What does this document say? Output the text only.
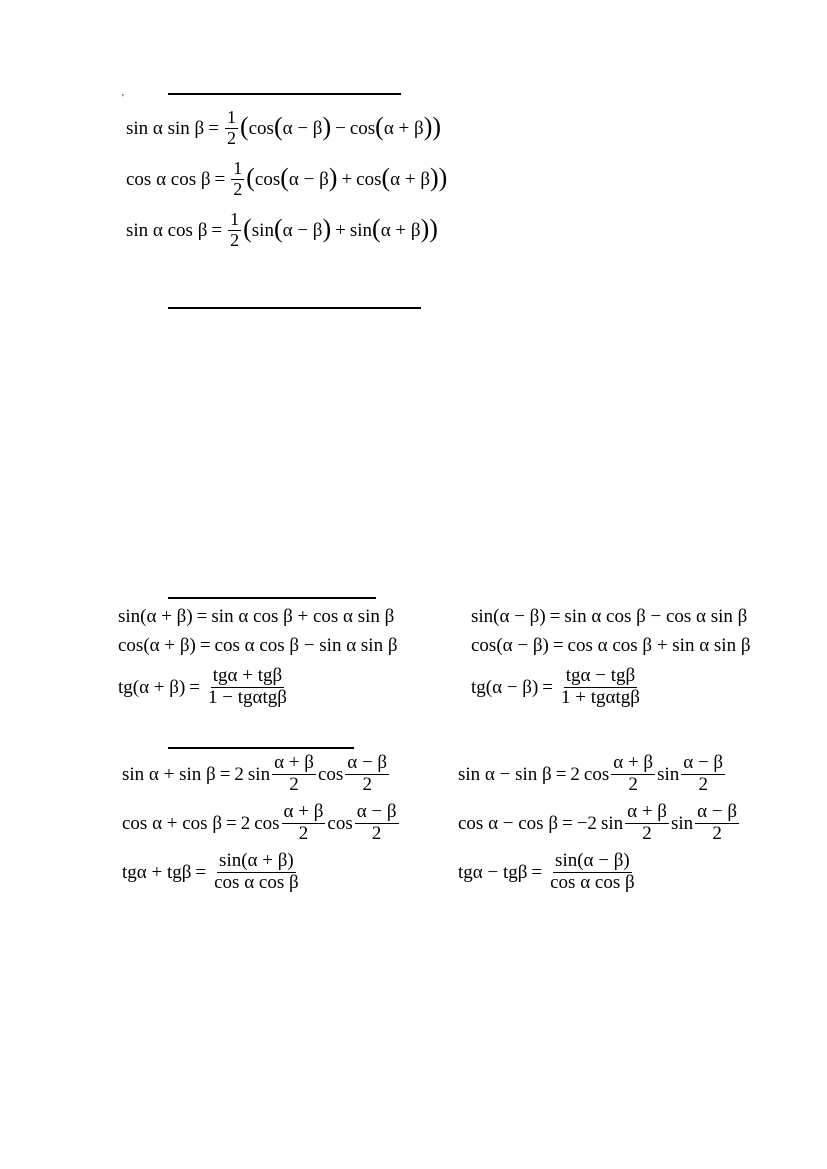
'
sin α $\sin \beta = \frac{1}{2}$ ( cos ( α − β ) − cos ( α + β ))
cos α $\cos \beta = \frac{1}{2}$ ( cos ( α − β ) + cos ( α + β ))
sin α $\cos \beta = \frac{1}{2}$ ( sin ( α − β ) + sin ( α + β ))
sin(α + β) = sin α cos β + cos α sin β
cos(α + β) = cos α cos β − sin α sin β
$tg(\alpha + \beta) = \frac{\text{tgα + tgβ}}{\text{1 − tgαtgβ}}$
sin(α − β) = sin α cos β − cos α sin β
cos(α − β) = cos α cos β + sin α sin β
$tg(\alpha - \beta) = \frac{\text{tgα − tgβ}}{\text{1 + tgαtgβ}}$
sin α + sin β = 2 $\sin \frac{\alpha + \beta}{2}$ $\cos \frac{\alpha - \beta}{2}$
cos α + cos β = 2 $\cos \frac{\alpha + \beta}{2}$ $\cos \frac{\alpha - \beta}{2}$
$tg\alpha + tg\beta = \frac{\sin(\alpha + \beta)}{\text{cos α cos β}}$
sin α − sin β = 2 $\cos \frac{\alpha + \beta}{2}$ $\sin \frac{\alpha - \beta}{2}$
cos α − cos β = −2 $\sin \frac{\alpha + \beta}{2}$ $\sin \frac{\alpha - \beta}{2}$
$tg\alpha - tg\beta = \frac{\sin(\alpha - \beta)}{\text{cos α cos β}}$
